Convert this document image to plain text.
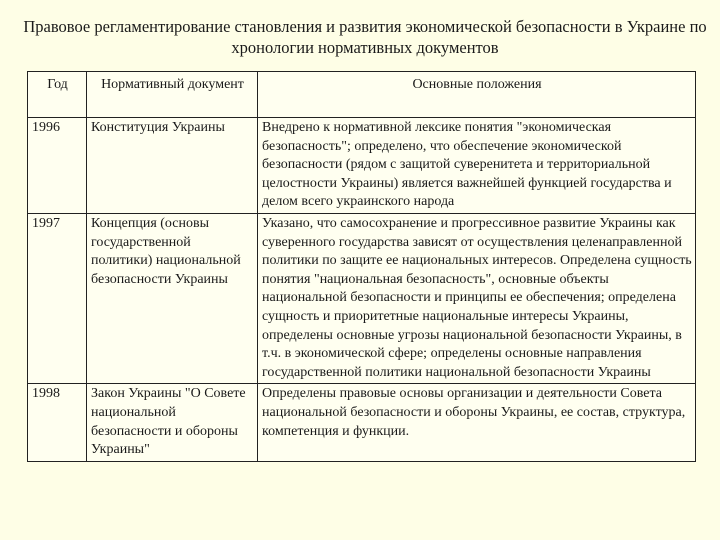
Правовое регламентирование становления и развития экономической безопасности в Украине по хронологии нормативных документов
Год	Нормативный документ	Основные положения
1996	Конституция Украины	Внедрено к нормативной лексике понятия "экономическая безопасность"; определено, что обеспечение экономической безопасности (рядом с защитой суверенитета и территориальной целостности Украины) является важнейшей функцией государства и делом всего украинского народа
1997	Концепция (основы государственной политики) национальной безопасности Украины	Указано, что самосохранение и прогрессивное развитие Украины как суверенного государства зависят от осуществления целенаправленной политики по защите ее национальных интересов. Определена сущность понятия "национальная безопасность", основные объекты национальной безопасности и принципы ее обеспечения; определена сущность и приоритетные национальные интересы Украины, определены основные угрозы национальной безопасности Украины, в т.ч. в экономической сфере; определены основные направления государственной политики национальной безопасности Украины
1998	Закон Украины "О Совете национальной безопасности и обороны Украины"	Определены правовые основы организации и деятельности Совета национальной безопасности и обороны Украины, ее состав, структура, компетенция и функции.
